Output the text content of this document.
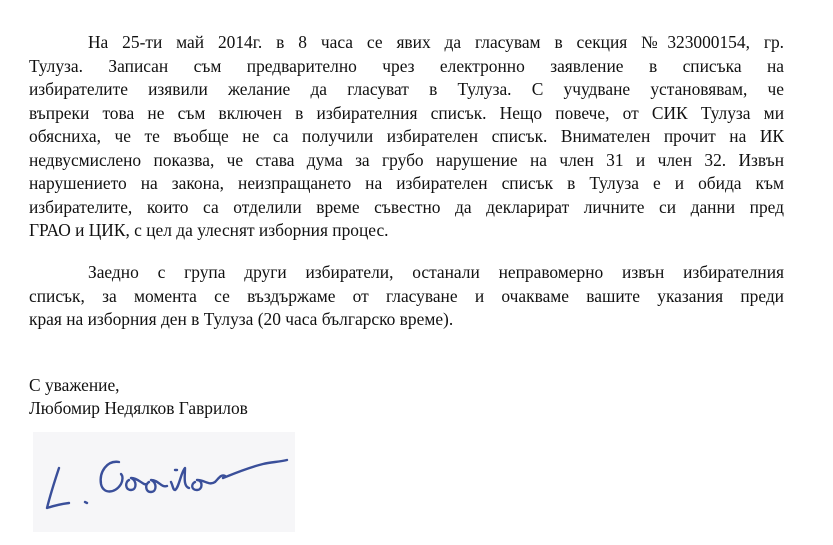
На 25-ти май 2014г. в 8 часа се явих да гласувам в секция №323000154, гр.
Тулуза. Записан съм предварително чрез електронно заявление в списъка на
избирателите изявили желание да гласуват в Тулуза. С учудване установявам, че
въпреки това не съм включен в избирателния списък. Нещо повече, от СИК Тулуза ми
обясниха, че те въобще не са получили избирателен списък. Внимателен прочит на ИК
недвусмислено показва, че става дума за грубо нарушение на член 31 и член 32. Извън
нарушението на закона, неизпращането на избирателен списък в Тулуза е и обида към
избирателите, които са отделили време съвестно да декларират личните си данни пред
ГРАО и ЦИК, с цел да улеснят изборния процес.

Заедно с група други избиратели, останали неправомерно извън избирателния
списък, за момента се въздържаме от гласуване и очакваме вашите указания преди
края на изборния ден в Тулуза (20 часа българско време).

С уважение,

Любомир Недялков Гаврилов
